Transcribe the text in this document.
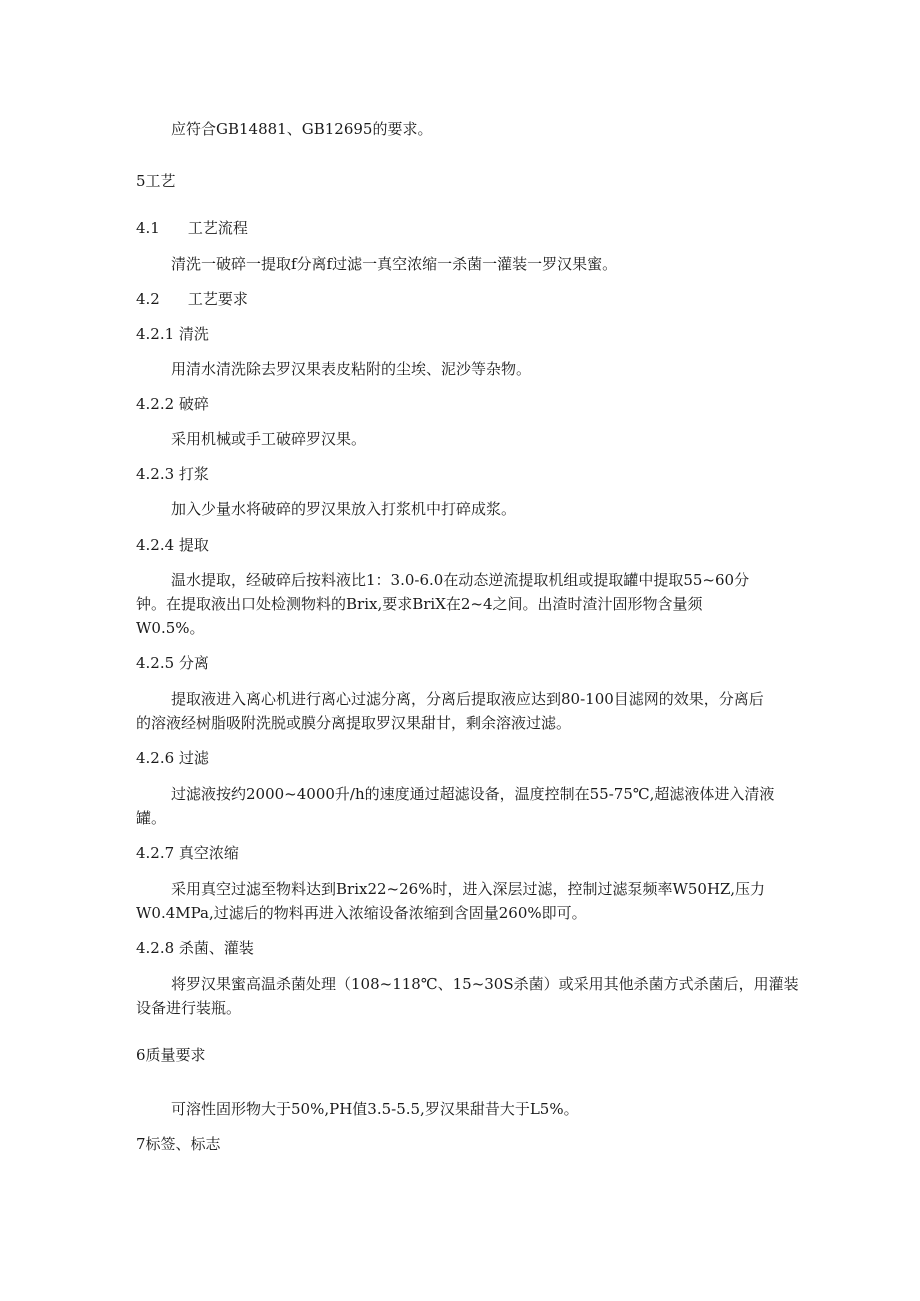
应符合GB14881、GB12695的要求。
5工艺
4.1 工艺流程
清洗一破碎一提取f分离f过滤一真空浓缩一杀菌一灌装一罗汉果蜜。
4.2 工艺要求
4.2.1 清洗
用清水清洗除去罗汉果表皮粘附的尘埃、泥沙等杂物。
4.2.2 破碎
采用机械或手工破碎罗汉果。
4.2.3 打浆
加入少量水将破碎的罗汉果放入打浆机中打碎成浆。
4.2.4 提取
温水提取，经破碎后按料液比1：3.0-6.0在动态逆流提取机组或提取罐中提取55~60分
钟。在提取液出口处检测物料的Brix,要求BriX在2~4之间。出渣时渣汁固形物含量须
W0.5%。
4.2.5 分离
提取液进入离心机进行离心过滤分离，分离后提取液应达到80-100目滤网的效果，分离后
的溶液经树脂吸附洗脱或膜分离提取罗汉果甜甘，剩余溶液过滤。
4.2.6 过滤
过滤液按约2000~4000升/h的速度通过超滤设备，温度控制在55-75℃,超滤液体进入清液
罐。
4.2.7 真空浓缩
采用真空过滤至物料达到Brix22~26%时，进入深层过滤，控制过滤泵频率W50HZ,压力
W0.4MPa,过滤后的物料再进入浓缩设备浓缩到含固量260%即可。
4.2.8 杀菌、灌装
将罗汉果蜜高温杀菌处理（108~118℃、15~30S杀菌）或采用其他杀菌方式杀菌后，用灌装
设备进行装瓶。
6质量要求
可溶性固形物大于50%,PH值3.5-5.5,罗汉果甜昔大于L5%。
7标签、标志
